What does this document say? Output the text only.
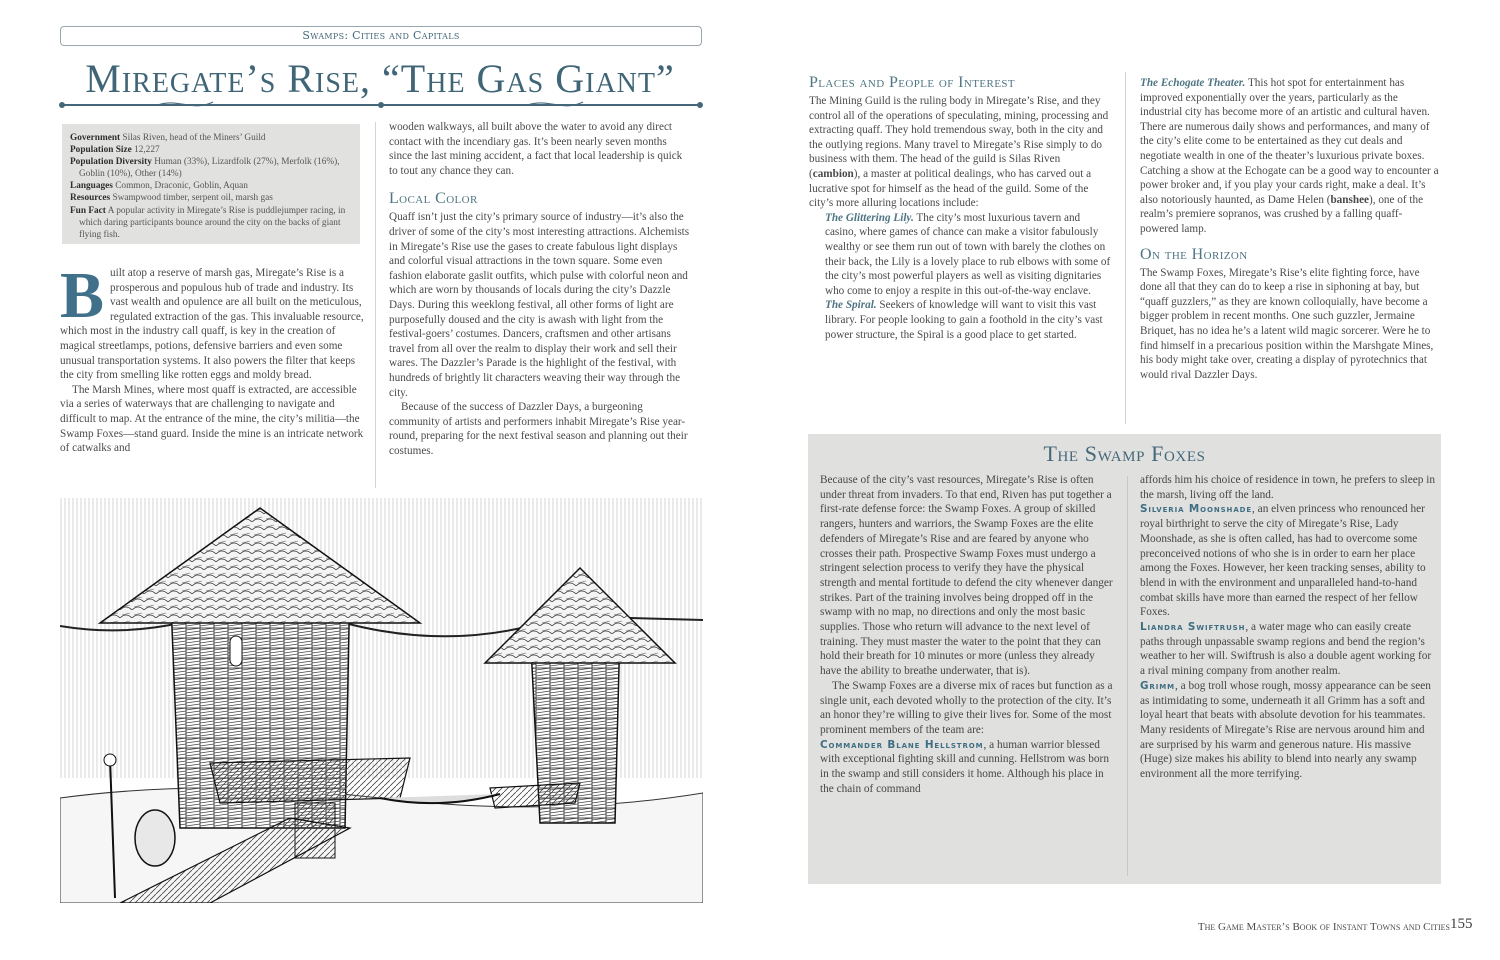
Swamps: Cities and Capitals
Miregate’s Rise, “The Gas Giant”
Government Silas Riven, head of the Miners’ Guild
Population Size 12,227
Population Diversity Human (33%), Lizardfolk (27%), Merfolk (16%), Goblin (10%), Other (14%)
Languages Common, Draconic, Goblin, Aquan
Resources Swampwood timber, serpent oil, marsh gas
Fun Fact A popular activity in Miregate’s Rise is puddlejumper racing, in which daring participants bounce around the city on the backs of giant flying fish.

Built atop a reserve of marsh gas, Miregate’s Rise is a prosperous and populous hub of trade and industry. Its vast wealth and opulence are all built on the meticulous, regulated extraction of the gas. This invaluable resource, which most in the industry call quaff, is key in the creation of magical streetlamps, potions, defensive barriers and even some unusual transportation systems. It also powers the filter that keeps the city from smelling like rotten eggs and moldy bread.

The Marsh Mines, where most quaff is extracted, are accessible via a series of waterways that are challenging to navigate and difficult to map. At the entrance of the mine, the city’s militia—the Swamp Foxes—stand guard. Inside the mine is an intricate network of catwalks and

wooden walkways, all built above the water to avoid any direct contact with the incendiary gas. It’s been nearly seven months since the last mining accident, a fact that local leadership is quick to tout any chance they can.

Local Color

Quaff isn’t just the city’s primary source of industry—it’s also the driver of some of the city’s most interesting attractions. Alchemists in Miregate’s Rise use the gases to create fabulous light displays and colorful visual attractions in the town square. Some even fashion elaborate gaslit outfits, which pulse with colorful neon and which are worn by thousands of locals during the city’s Dazzle Days. During this weeklong festival, all other forms of light are purposefully doused and the city is awash with light from the festival-goers’ costumes. Dancers, craftsmen and other artisans travel from all over the realm to display their work and sell their wares. The Dazzler’s Parade is the highlight of the festival, with hundreds of brightly lit characters weaving their way through the city.

Because of the success of Dazzler Days, a burgeoning community of artists and performers inhabit Miregate’s Rise year-round, preparing for the next festival season and planning out their costumes.

Places and People of Interest

The Mining Guild is the ruling body in Miregate’s Rise, and they control all of the operations of speculating, mining, processing and extracting quaff. They hold tremendous sway, both in the city and the outlying regions. Many travel to Miregate’s Rise simply to do business with them. The head of the guild is Silas Riven (cambion), a master at political dealings, who has carved out a lucrative spot for himself as the head of the guild. Some of the city’s more alluring locations include:

The Glittering Lily. The city’s most luxurious tavern and casino, where games of chance can make a visitor fabulously wealthy or see them run out of town with barely the clothes on their back, the Lily is a lovely place to rub elbows with some of the city’s most powerful players as well as visiting dignitaries who come to enjoy a respite in this out-of-the-way enclave.

The Spiral. Seekers of knowledge will want to visit this vast library. For people looking to gain a foothold in the city’s vast power structure, the Spiral is a good place to get started.

The Echogate Theater. This hot spot for entertainment has improved exponentially over the years, particularly as the industrial city has become more of an artistic and cultural haven. There are numerous daily shows and performances, and many of the city’s elite come to be entertained as they cut deals and negotiate wealth in one of the theater’s luxurious private boxes. Catching a show at the Echogate can be a good way to encounter a power broker and, if you play your cards right, make a deal. It’s also notoriously haunted, as Dame Helen (banshee), one of the realm’s premiere sopranos, was crushed by a falling quaff-powered lamp.

On the Horizon

The Swamp Foxes, Miregate’s Rise’s elite fighting force, have done all that they can do to keep a rise in siphoning at bay, but “quaff guzzlers,” as they are known colloquially, have become a bigger problem in recent months. One such guzzler, Jermaine Briquet, has no idea he’s a latent wild magic sorcerer. Were he to find himself in a precarious position within the Marshgate Mines, his body might take over, creating a display of pyrotechnics that would rival Dazzler Days.

The Swamp Foxes

Because of the city’s vast resources, Miregate’s Rise is often under threat from invaders. To that end, Riven has put together a first-rate defense force: the Swamp Foxes. A group of skilled rangers, hunters and warriors, the Swamp Foxes are the elite defenders of Miregate’s Rise and are feared by anyone who crosses their path. Prospective Swamp Foxes must undergo a stringent selection process to verify they have the physical strength and mental fortitude to defend the city whenever danger strikes. Part of the training involves being dropped off in the swamp with no map, no directions and only the most basic supplies. Those who return will advance to the next level of training. They must master the water to the point that they can hold their breath for 10 minutes or more (unless they already have the ability to breathe underwater, that is).

The Swamp Foxes are a diverse mix of races but function as a single unit, each devoted wholly to the protection of the city. It’s an honor they’re willing to give their lives for. Some of the most prominent members of the team are:

Commander Blane Hellstrom, a human warrior blessed with exceptional fighting skill and cunning. Hellstrom was born in the swamp and still considers it home. Although his place in the chain of command

affords him his choice of residence in town, he prefers to sleep in the marsh, living off the land.

Silveria Moonshade, an elven princess who renounced her royal birthright to serve the city of Miregate’s Rise, Lady Moonshade, as she is often called, has had to overcome some preconceived notions of who she is in order to earn her place among the Foxes. However, her keen tracking senses, ability to blend in with the environment and unparalleled hand-to-hand combat skills have more than earned the respect of her fellow Foxes.

Liandra Swiftrush, a water mage who can easily create paths through unpassable swamp regions and bend the region’s weather to her will. Swiftrush is also a double agent working for a rival mining company from another realm.

Grimm, a bog troll whose rough, mossy appearance can be seen as intimidating to some, underneath it all Grimm has a soft and loyal heart that beats with absolute devotion for his teammates. Many residents of Miregate’s Rise are nervous around him and are surprised by his warm and generous nature. His massive (Huge) size makes his ability to blend into nearly any swamp environment all the more terrifying.

The Game Master’s Book of Instant Towns and Cities 155
